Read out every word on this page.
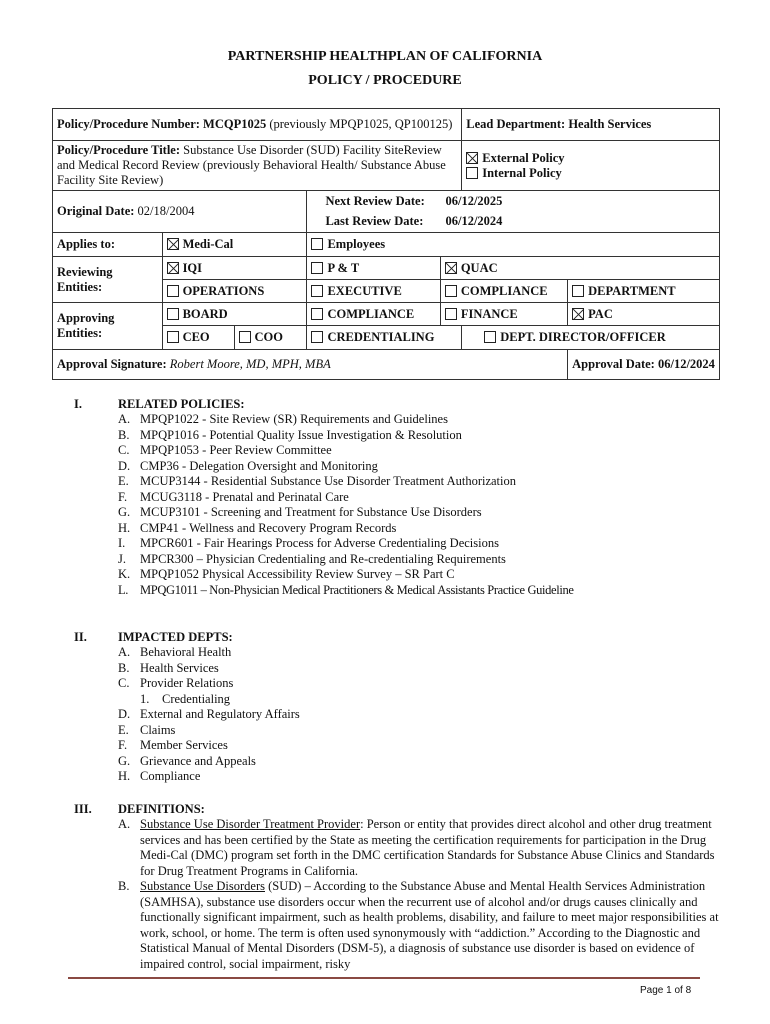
PARTNERSHIP HEALTHPLAN OF CALIFORNIA
POLICY / PROCEDURE
Policy/Procedure Number: MCQP1025 (previously MPQP1025, QP100125)					Lead Department: Health Services	
Policy/Procedure Title: Substance Use Disorder (SUD) Facility SiteReview and Medical Record Review (previously Behavioral Health/ Substance Abuse Facility Site Review)					External Policy
Internal Policy	

Original Date: 02/18/2004			Next Review Date: 06/12/2025
Last Review Date: 06/12/2024			

Applies to:	Medi-Cal		Employees			
Reviewing Entities:	IQI		P & T	QUAC		
	OPERATIONS		EXECUTIVE	COMPLIANCE		DEPARTMENT
Approving Entities:	BOARD		COMPLIANCE	FINANCE		PAC
	CEO	COO	CREDENTIALING		DEPT. DIRECTOR/OFFICER	
Approval Signature: Robert Moore, MD, MPH, MBA						Approval Date: 06/12/2024
I.	RELATED POLICIES:
A. MPQP1022 - Site Review (SR) Requirements and Guidelines
B. MPQP1016 - Potential Quality Issue Investigation & Resolution
C. MPQP1053 - Peer Review Committee
D. CMP36 - Delegation Oversight and Monitoring
E. MCUP3144 - Residential Substance Use Disorder Treatment Authorization
F. MCUG3118 - Prenatal and Perinatal Care
G. MCUP3101 - Screening and Treatment for Substance Use Disorders
H. CMP41 - Wellness and Recovery Program Records
I. MPCR601 - Fair Hearings Process for Adverse Credentialing Decisions
J. MPCR300 – Physician Credentialing and Re-credentialing Requirements
K. MPQP1052 Physical Accessibility Review Survey – SR Part C
L. MPQG1011 – Non-Physician Medical Practitioners & Medical Assistants Practice Guideline
II. IMPACTED DEPTS:
A. Behavioral Health
B. Health Services
C. Provider Relations
1. Credentialing
D. External and Regulatory Affairs
E. Claims
F. Member Services
G. Grievance and Appeals
H. Compliance
III. DEFINITIONS:
A. Substance Use Disorder Treatment Provider: Person or entity that provides direct alcohol and other drug treatment services and has been certified by the State as meeting the certification requirements for participation in the Drug Medi-Cal (DMC) program set forth in the DMC certification Standards for Substance Abuse Clinics and Standards for Drug Treatment Programs in California.
B. Substance Use Disorders (SUD) – According to the Substance Abuse and Mental Health Services Administration (SAMHSA), substance use disorders occur when the recurrent use of alcohol and/or drugs causes clinically and functionally significant impairment, such as health problems, disability, and failure to meet major responsibilities at work, school, or home. The term is often used synonymously with “addiction.” According to the Diagnostic and Statistical Manual of Mental Disorders (DSM-5), a diagnosis of substance use disorder is based on evidence of impaired control, social impairment, risky
Page 1 of 8
